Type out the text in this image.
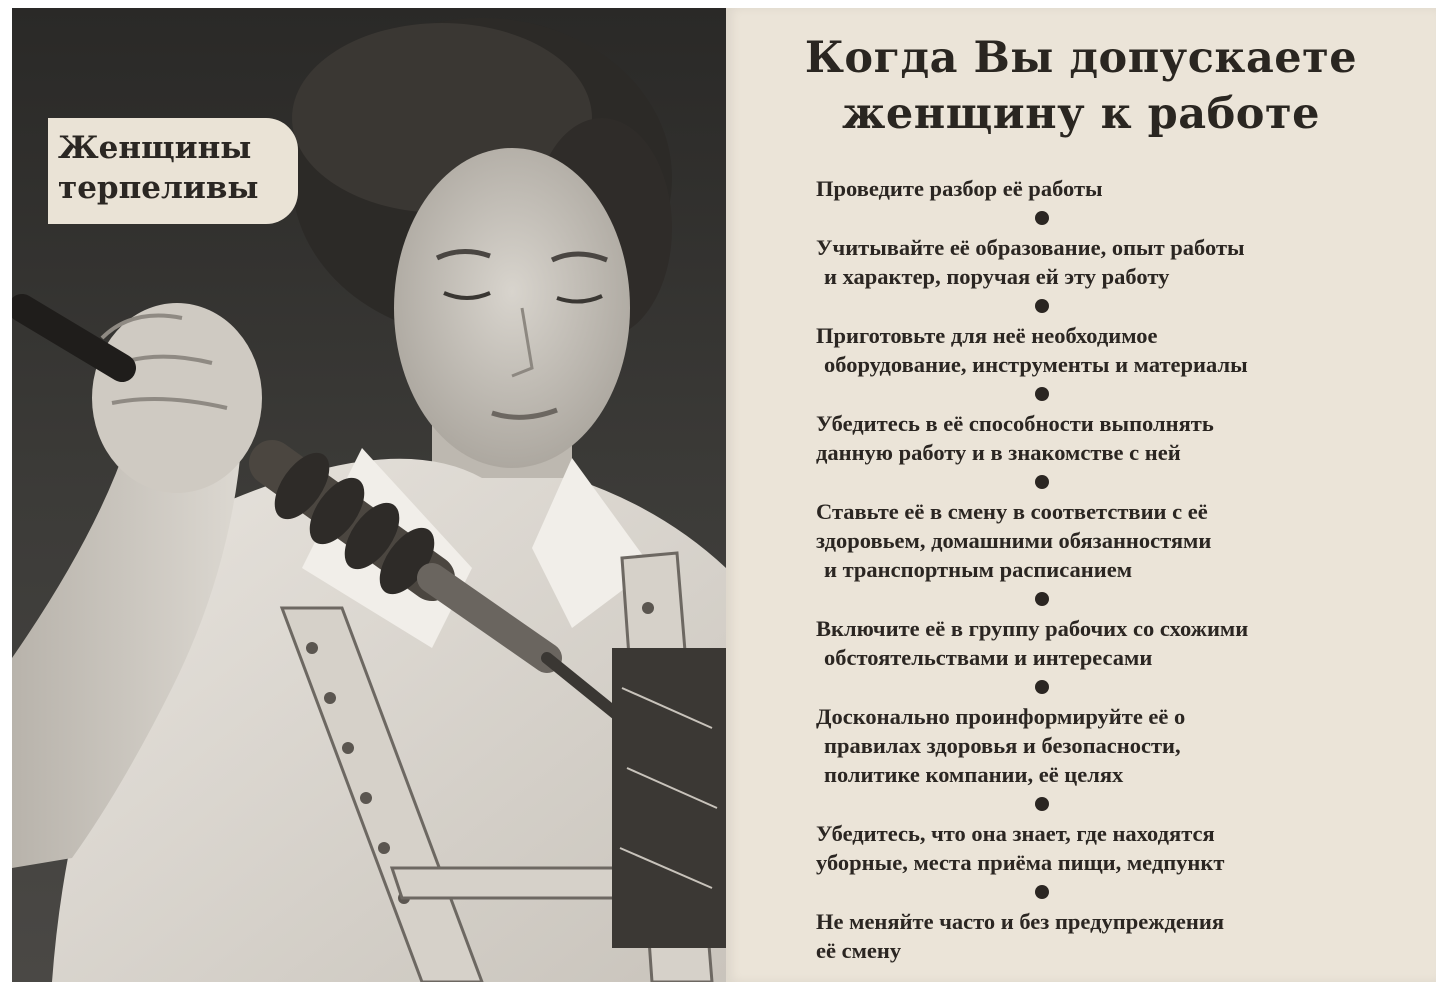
Женщины
терпеливы
Когда Вы допускаете
женщину к работе
Проведите разбор её работы
Учитывайте её образование, опыт работы
и характер, поручая ей эту работу
Приготовьте для неё необходимое
оборудование, инструменты и материалы
Убедитесь в её способности выполнять
данную работу и в знакомстве с ней
Ставьте её в смену в соответствии с её
здоровьем, домашними обязанностями
и транспортным расписанием
Включите её в группу рабочих со схожими
обстоятельствами и интересами
Досконально проинформируйте её о
правилах здоровья и безопасности,
политике компании, её целях
Убедитесь, что она знает, где находятся
уборные, места приёма пищи, медпункт
Не меняйте часто и без предупреждения
её смену
